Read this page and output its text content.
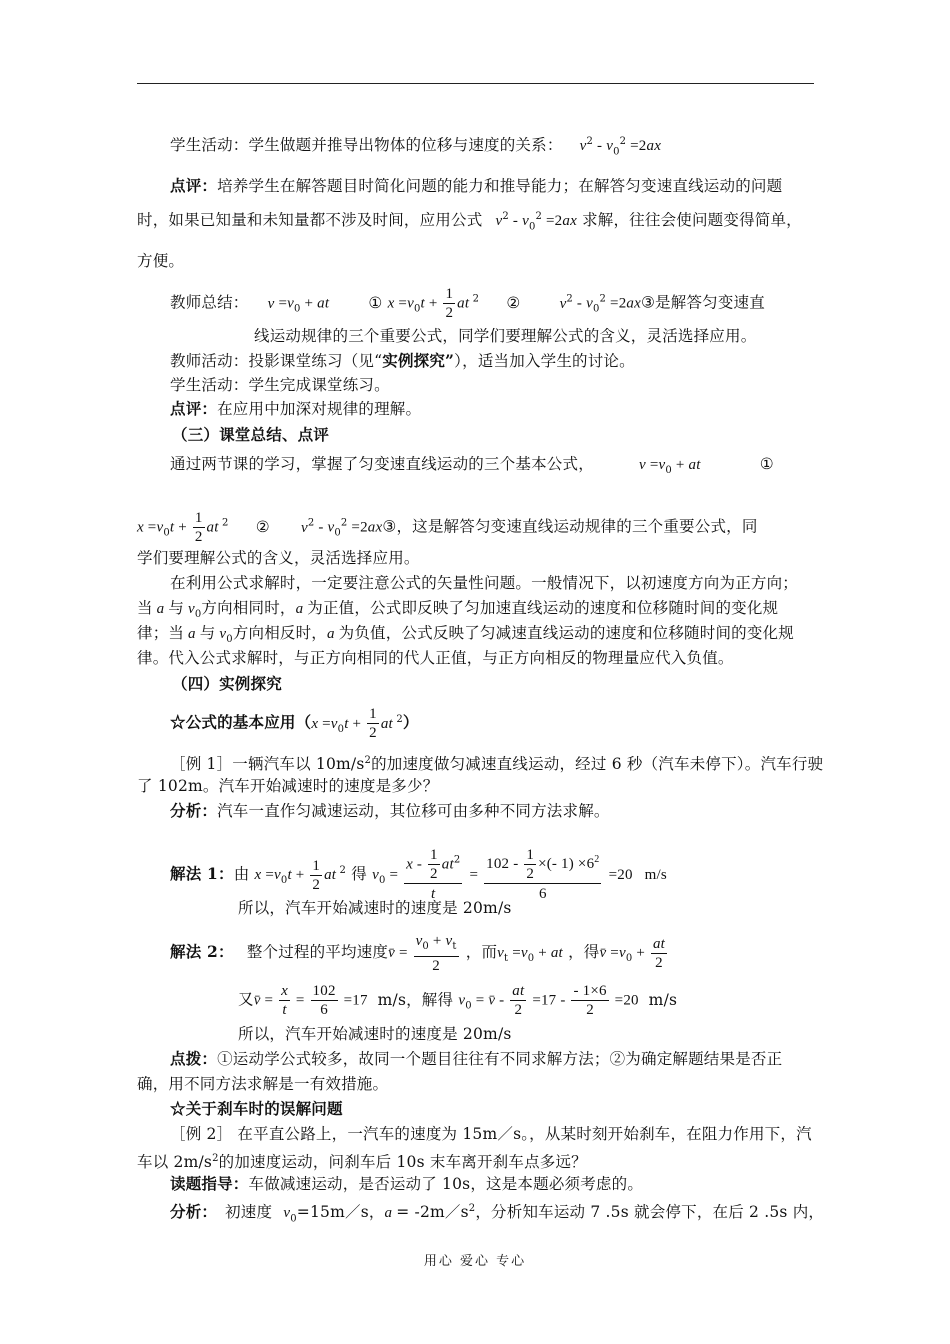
学生活动：学生做题并推导出物体的位移与速度的关系： $v^2 - v_0^2 =2ax$
点评：培养学生在解答题目时简化问题的能力和推导能力；在解答匀变速直线运动的问题
时，如果已知量和未知量都不涉及时间，应用公式 $v^2 - v_0^2 =2ax$ 求解，往往会使问题变得简单，
方便。
教师总结： $v =v_0$ + at	① $x =v_0t + \frac{1}{2}$ at $^2$ ②	$v^2 - v_0^2$ =2ax③是解答匀变速直
线运动规律的三个重要公式，同学们要理解公式的含义，灵活选择应用。
教师活动：投影课堂练习（见“实例探究”），适当加入学生的讨论。
学生活动：学生完成课堂练习。
点评：在应用中加深对规律的理解。
（三）课堂总结、点评
通过两节课的学习，掌握了匀变速直线运动的三个基本公式，	$v =v_0$ + at	①
$x =v_0t + \frac{1}{2}$ at $^2$ ② $v^2 - v_0^2$ =2ax③，这是解答匀变速直线运动规律的三个重要公式，同
学们要理解公式的含义，灵活选择应用。
在利用公式求解时，一定要注意公式的矢量性问题。一般情况下，以初速度方向为正方向；
当 a 与 $v_0$方向相同时，a 为正值，公式即反映了匀加速直线运动的速度和位移随时间的变化规
律；当 a 与 $v_0$方向相反时，a 为负值，公式反映了匀减速直线运动的速度和位移随时间的变化规
律。代入公式求解时，与正方向相同的代人正值，与正方向相反的物理量应代入负值。
（四）实例探究
☆公式的基本应用（$x =v_0t + \frac{1}{2}$ at $^2$）
［例 1］一辆汽车以 $10m/s^2$的加速度做匀减速直线运动，经过 6 秒（汽车未停下）。汽车行驶
了 102m。汽车开始减速时的速度是多少？
分析：汽车一直作匀减速运动，其位移可由多种不同方法求解。
解法 1：由 $x =v_0t + \frac{1}{2}$ at $^2$ 得 $v_0 = \frac{x - \frac{1}{2} at^2}{t} = \frac{102 - \frac{1}{2} \times(- 1) \times 6^2}{6} =20$ m/s
所以，汽车开始减速时的速度是 20m/s
解法 2： 整个过程的平均速度v̄ = $\frac{v_0 + v_t}{2}$ ，而$v_t =v_0$ + at ，得v̄ $=v_0 + \frac{at}{2}$
又v̄ = $\frac{x}{t} = \frac{102}{6} =17$ m/s，解得 $v_0$ = v̄ - $\frac{at}{2} =17 - \frac{- 1\times 6}{2} =20$ m/s
所以，汽车开始减速时的速度是 20m/s
点拨：①运动学公式较多，故同一个题目往往有不同求解方法；②为确定解题结果是否正
确，用不同方法求解是一有效措施。
☆关于刹车时的误解问题
［例 2］ 在平直公路上，一汽车的速度为 15m／s。，从某时刻开始刹车，在阻力作用下，汽
车以 $2m/s^2$的加速度运动，问刹车后 10s 末车离开刹车点多远？
读题指导：车做减速运动，是否运动了 10s，这是本题必须考虑的。
分析： 初速度 $v_0=15m/s$，$a = -2m/s^2$，分析知车运动 7 .5s 就会停下，在后 2 .5s 内，
用心 爱心 专心
